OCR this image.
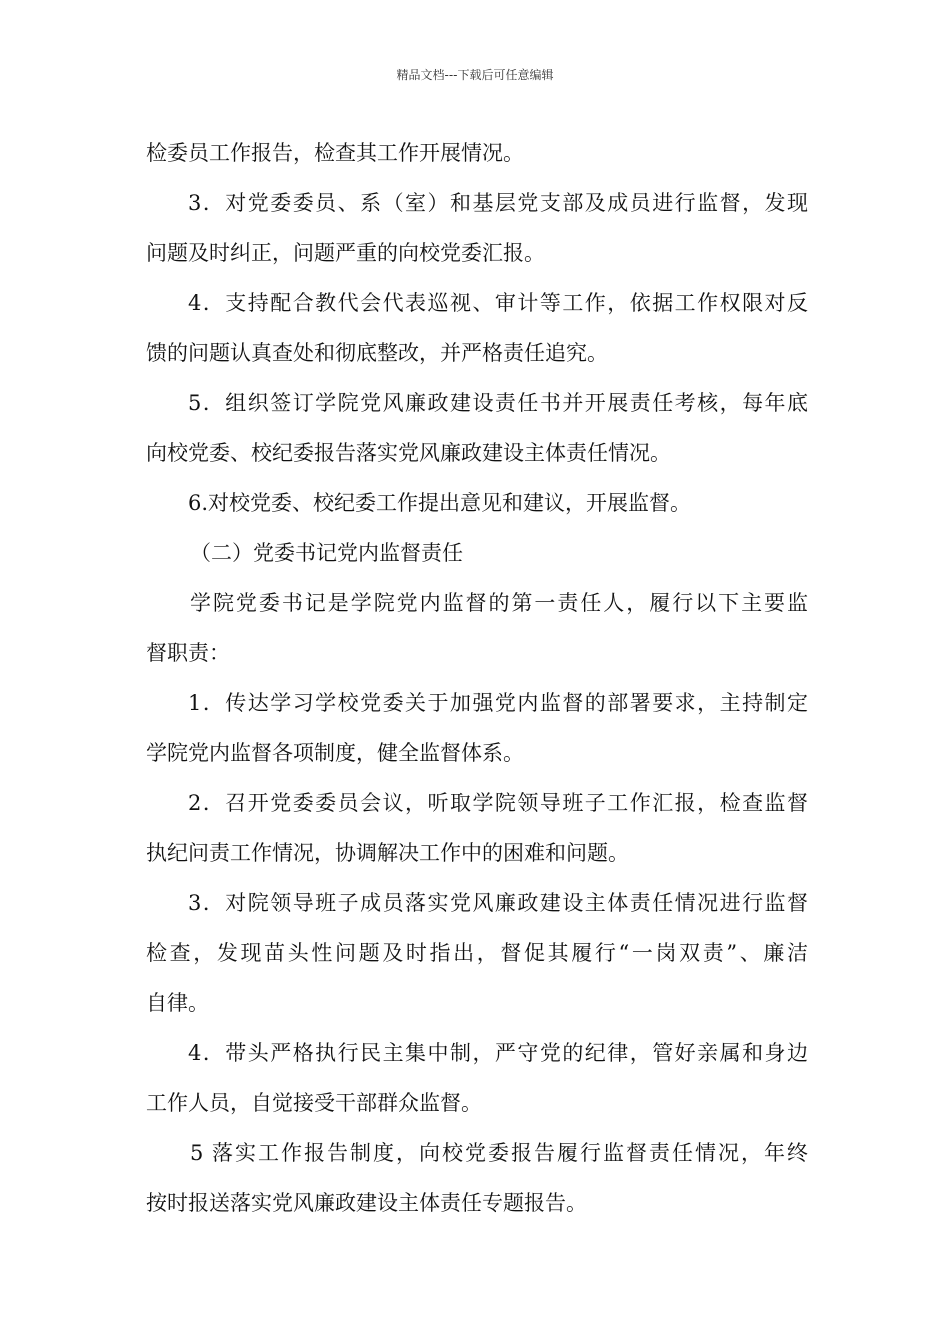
精品文档---下载后可任意编辑
检委员工作报告，检查其工作开展情况。
3．对党委委员、系（室）和基层党支部及成员进行监督，发现
问题及时纠正，问题严重的向校党委汇报。
4．支持配合教代会代表巡视、审计等工作，依据工作权限对反
馈的问题认真查处和彻底整改，并严格责任追究。
5．组织签订学院党风廉政建设责任书并开展责任考核，每年底
向校党委、校纪委报告落实党风廉政建设主体责任情况。
6.对校党委、校纪委工作提出意见和建议，开展监督。
（二）党委书记党内监督责任
学院党委书记是学院党内监督的第一责任人，履行以下主要监
督职责：
1．传达学习学校党委关于加强党内监督的部署要求，主持制定
学院党内监督各项制度，健全监督体系。
2．召开党委委员会议，听取学院领导班子工作汇报，检查监督
执纪问责工作情况，协调解决工作中的困难和问题。
3．对院领导班子成员落实党风廉政建设主体责任情况进行监督
检查，发现苗头性问题及时指出，督促其履行“一岗双责”、廉洁
自律。
4．带头严格执行民主集中制，严守党的纪律，管好亲属和身边
工作人员，自觉接受干部群众监督。
5 落实工作报告制度，向校党委报告履行监督责任情况，年终
按时报送落实党风廉政建设主体责任专题报告。
